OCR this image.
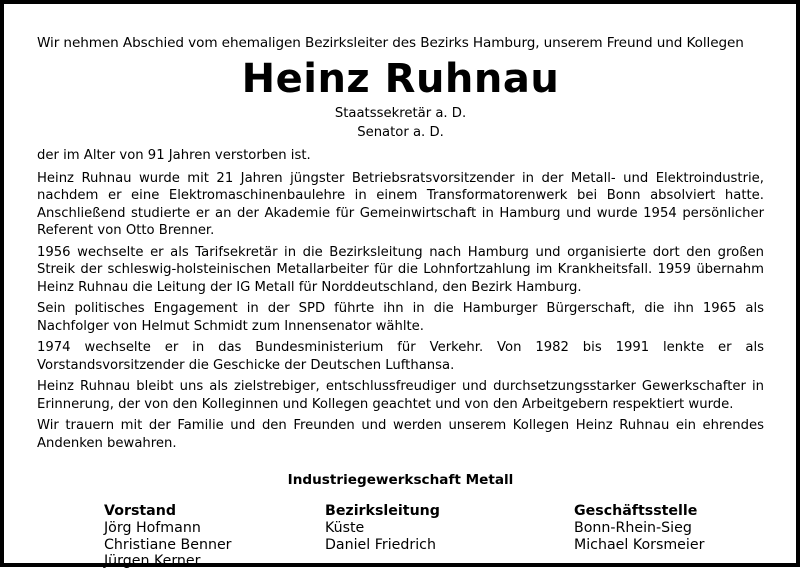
Wir nehmen Abschied vom ehemaligen Bezirksleiter des Bezirks Hamburg, unserem Freund und Kollegen

Heinz Ruhnau
Staatssekretär a. D.
Senator a. D.

der im Alter von 91 Jahren verstorben ist.

Heinz Ruhnau wurde mit 21 Jahren jüngster Betriebsratsvorsitzender in der Metall- und Elektroindustrie, nachdem er eine Elektromaschinenbaulehre in einem Transformatorenwerk bei Bonn absolviert hatte. Anschließend studierte er an der Akademie für Gemeinwirtschaft in Hamburg und wurde 1954 persönlicher Referent von Otto Brenner.

1956 wechselte er als Tarifsekretär in die Bezirksleitung nach Hamburg und organisierte dort den großen Streik der schleswig-holsteinischen Metallarbeiter für die Lohnfortzahlung im Krankheitsfall. 1959 übernahm Heinz Ruhnau die Leitung der IG Metall für Norddeutschland, den Bezirk Hamburg.

Sein politisches Engagement in der SPD führte ihn in die Hamburger Bürgerschaft, die ihn 1965 als Nachfolger von Helmut Schmidt zum Innensenator wählte.

1974 wechselte er in das Bundesministerium für Verkehr. Von 1982 bis 1991 lenkte er als Vorstandsvorsitzender die Geschicke der Deutschen Lufthansa.

Heinz Ruhnau bleibt uns als zielstrebiger, entschlussfreudiger und durchsetzungsstarker Gewerkschafter in Erinnerung, der von den Kolleginnen und Kollegen geachtet und von den Arbeitgebern respektiert wurde.

Wir trauern mit der Familie und den Freunden und werden unserem Kollegen Heinz Ruhnau ein ehrendes Andenken bewahren.

Industriegewerkschaft Metall
Vorstand
Jörg Hofmann
Christiane Benner
Jürgen Kerner
Bezirksleitung
Küste
Daniel Friedrich
Geschäftsstelle
Bonn-Rhein-Sieg
Michael Korsmeier
